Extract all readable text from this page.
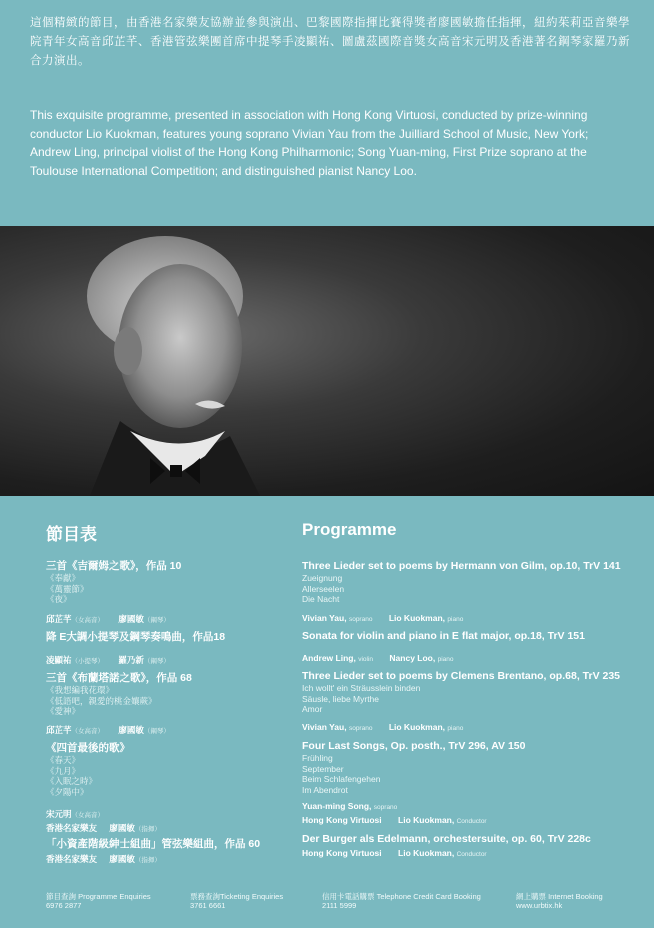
這個精緻的節目，由香港名家樂友協辦並參與演出、巴黎國際指揮比賽得獎者廖國敏擔任指揮，紐約茱莉亞音樂學院青年女高音邱芷芊、香港管弦樂團首席中提琴手凌顯祐、圖盧茲國際音獎女高音宋元明及香港著名鋼琴家羅乃新合力演出。

This exquisite programme, presented in association with Hong Kong Virtuosi, conducted by prize-winning conductor Lio Kuokman, features young soprano Vivian Yau from the Juilliard School of Music, New York; Andrew Ling, principal violist of the Hong Kong Philharmonic; Song Yuan-ming, First Prize soprano at the Toulouse International Competition; and distinguished pianist Nancy Loo.

節目表
三首《吉爾姆之歌》，作品 10
《奉獻》
《萬靈節》
《夜》
邱芷芊（女高音） 廖國敏（鋼琴）
降 E大調小提琴及鋼琴奏鳴曲，作品18
凌顯祐（小提琴） 羅乃新（鋼琴）
三首《布蘭塔諾之歌》，作品 68
《我想編我花環》
《低語吧，親愛的桃金孃蕨》
《愛神》
邱芷芊（女高音） 廖國敏（鋼琴）
《四首最後的歌》
《春天》
《九月》
《入眠之時》
《夕陽中》
宋元明（女高音）
香港名家樂友 廖國敏（指揮）
「小資產階級紳士組曲」管弦樂組曲，作品 60
香港名家樂友 廖國敏（指揮）
Programme
Three Lieder set to poems by Hermann von Gilm, op.10, TrV 141
Zueignung
Allerseelen
Die Nacht
Vivian Yau, soprano Lio Kuokman, piano
Sonata for violin and piano in E flat major, op.18, TrV 151
Andrew Ling, violin Nancy Loo, piano
Three Lieder set to poems by Clemens Brentano, op.68, TrV 235
Ich wollt' ein Sträusslein binden
Säusle, liebe Myrthe
Amor
Vivian Yau, soprano Lio Kuokman, piano
Four Last Songs, Op. posth., TrV 296, AV 150
Frühling
September
Beim Schlafengehen
Im Abendrot
Yuan-ming Song, soprano
Hong Kong Virtuosi Lio Kuokman, Conductor
Der Burger als Edelmann, orchestersuite, op. 60, TrV 228c
Hong Kong Virtuosi Lio Kuokman, Conductor
節目查詢 Programme Enquiries
6976 2877
票務查詢Ticketing Enquiries
3761 6661
信用卡電話購票 Telephone Credit Card Booking
2111 5999
網上購票 Internet Booking
www.urbtix.hk
